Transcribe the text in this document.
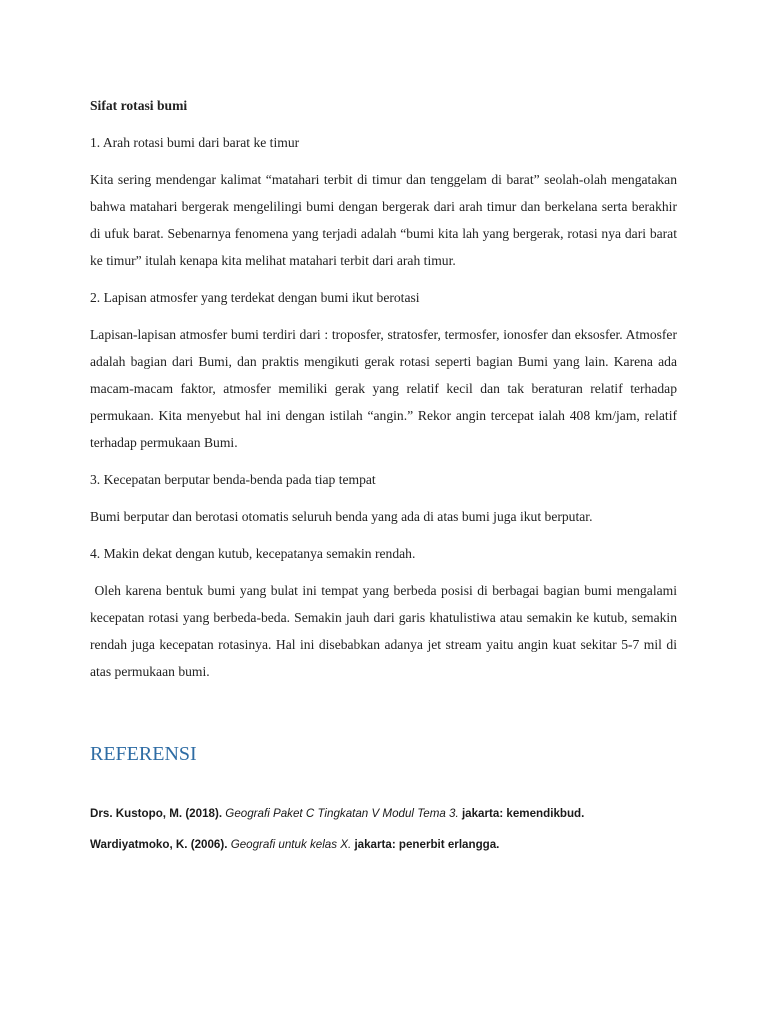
Sifat rotasi bumi
1. Arah rotasi bumi dari barat ke timur
Kita sering mendengar kalimat “matahari terbit di timur dan tenggelam di barat” seolah-olah mengatakan bahwa matahari bergerak mengelilingi bumi dengan bergerak dari arah timur dan berkelana serta berakhir di ufuk barat. Sebenarnya fenomena yang terjadi adalah “bumi kita lah yang bergerak, rotasi nya dari barat ke timur” itulah kenapa kita melihat matahari terbit dari arah timur.
2. Lapisan atmosfer yang terdekat dengan bumi ikut berotasi
Lapisan-lapisan atmosfer bumi terdiri dari : troposfer, stratosfer, termosfer, ionosfer dan eksosfer. Atmosfer adalah bagian dari Bumi, dan praktis mengikuti gerak rotasi seperti bagian Bumi yang lain. Karena ada macam-macam faktor, atmosfer memiliki gerak yang relatif kecil dan tak beraturan relatif terhadap permukaan. Kita menyebut hal ini dengan istilah “angin.” Rekor angin tercepat ialah 408 km/jam, relatif terhadap permukaan Bumi.
3. Kecepatan berputar benda-benda pada tiap tempat
Bumi berputar dan berotasi otomatis seluruh benda yang ada di atas bumi juga ikut berputar.
4. Makin dekat dengan kutub, kecepatanya semakin rendah.
Oleh karena bentuk bumi yang bulat ini tempat yang berbeda posisi di berbagai bagian bumi mengalami kecepatan rotasi yang berbeda-beda. Semakin jauh dari garis khatulistiwa atau semakin ke kutub, semakin rendah juga kecepatan rotasinya. Hal ini disebabkan adanya jet stream yaitu angin kuat sekitar 5-7 mil di atas permukaan bumi.
REFERENSI
Drs. Kustopo, M. (2018). Geografi Paket C Tingkatan V Modul Tema 3. jakarta: kemendikbud.
Wardiyatmoko, K. (2006). Geografi untuk kelas X. jakarta: penerbit erlangga.
